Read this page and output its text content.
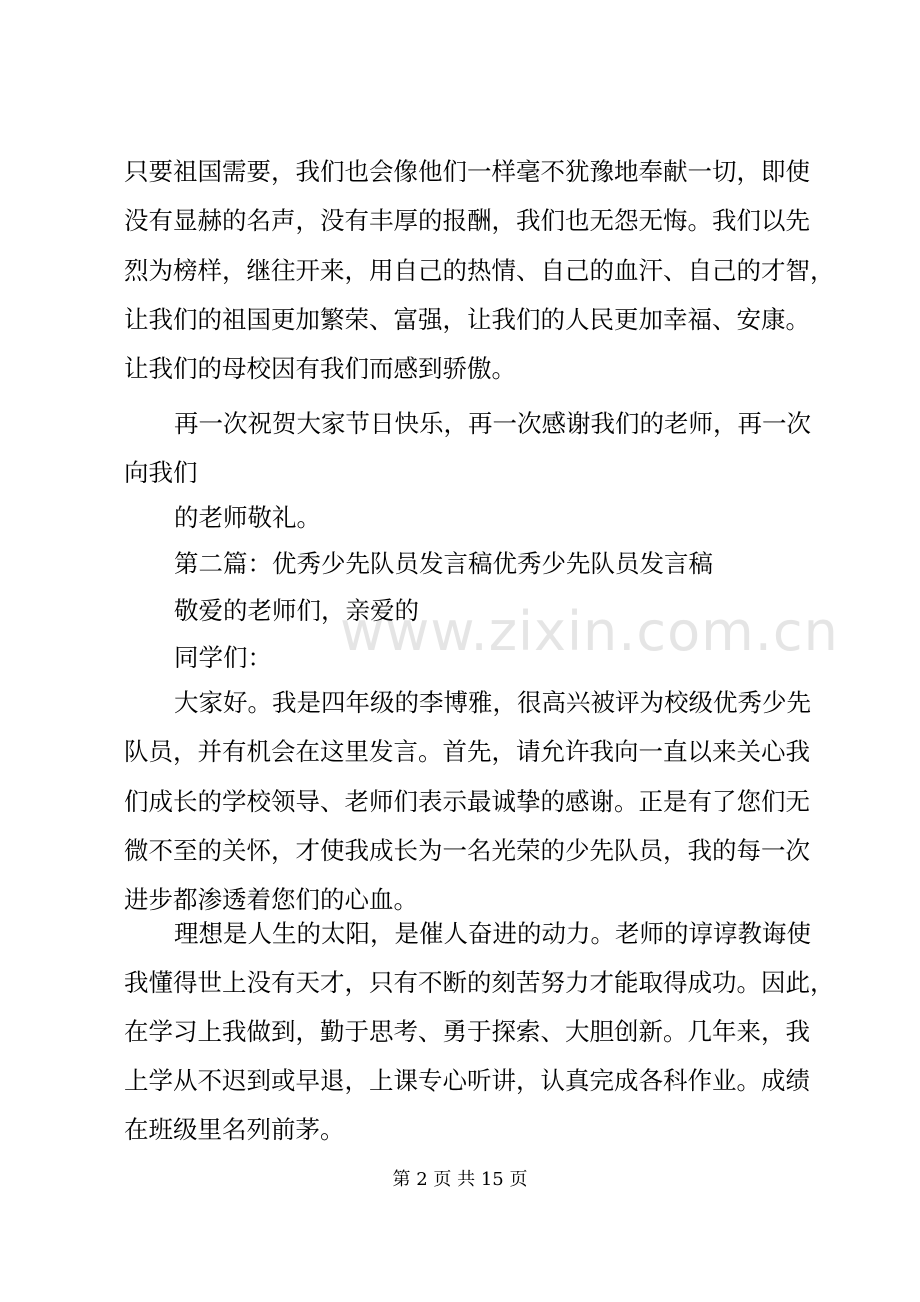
只要祖国需要，我们也会像他们一样毫不犹豫地奉献一切，即使
没有显赫的名声，没有丰厚的报酬，我们也无怨无悔。我们以先
烈为榜样，继往开来，用自己的热情、自己的血汗、自己的才智，
让我们的祖国更加繁荣、富强，让我们的人民更加幸福、安康。
让我们的母校因有我们而感到骄傲。
再一次祝贺大家节日快乐，再一次感谢我们的老师，再一次
向我们
的老师敬礼。
第二篇：优秀少先队员发言稿优秀少先队员发言稿
敬爱的老师们，亲爱的
同学们：
大家好。我是四年级的李博雅，很高兴被评为校级优秀少先
队员，并有机会在这里发言。首先，请允许我向一直以来关心我
们成长的学校领导、老师们表示最诚挚的感谢。正是有了您们无
微不至的关怀，才使我成长为一名光荣的少先队员，我的每一次
进步都渗透着您们的心血。
理想是人生的太阳，是催人奋进的动力。老师的谆谆教诲使
我懂得世上没有天才，只有不断的刻苦努力才能取得成功。因此，
在学习上我做到，勤于思考、勇于探索、大胆创新。几年来，我
上学从不迟到或早退，上课专心听讲，认真完成各科作业。成绩
在班级里名列前茅。
www.zixin.com.cn
第 2 页 共 15 页
